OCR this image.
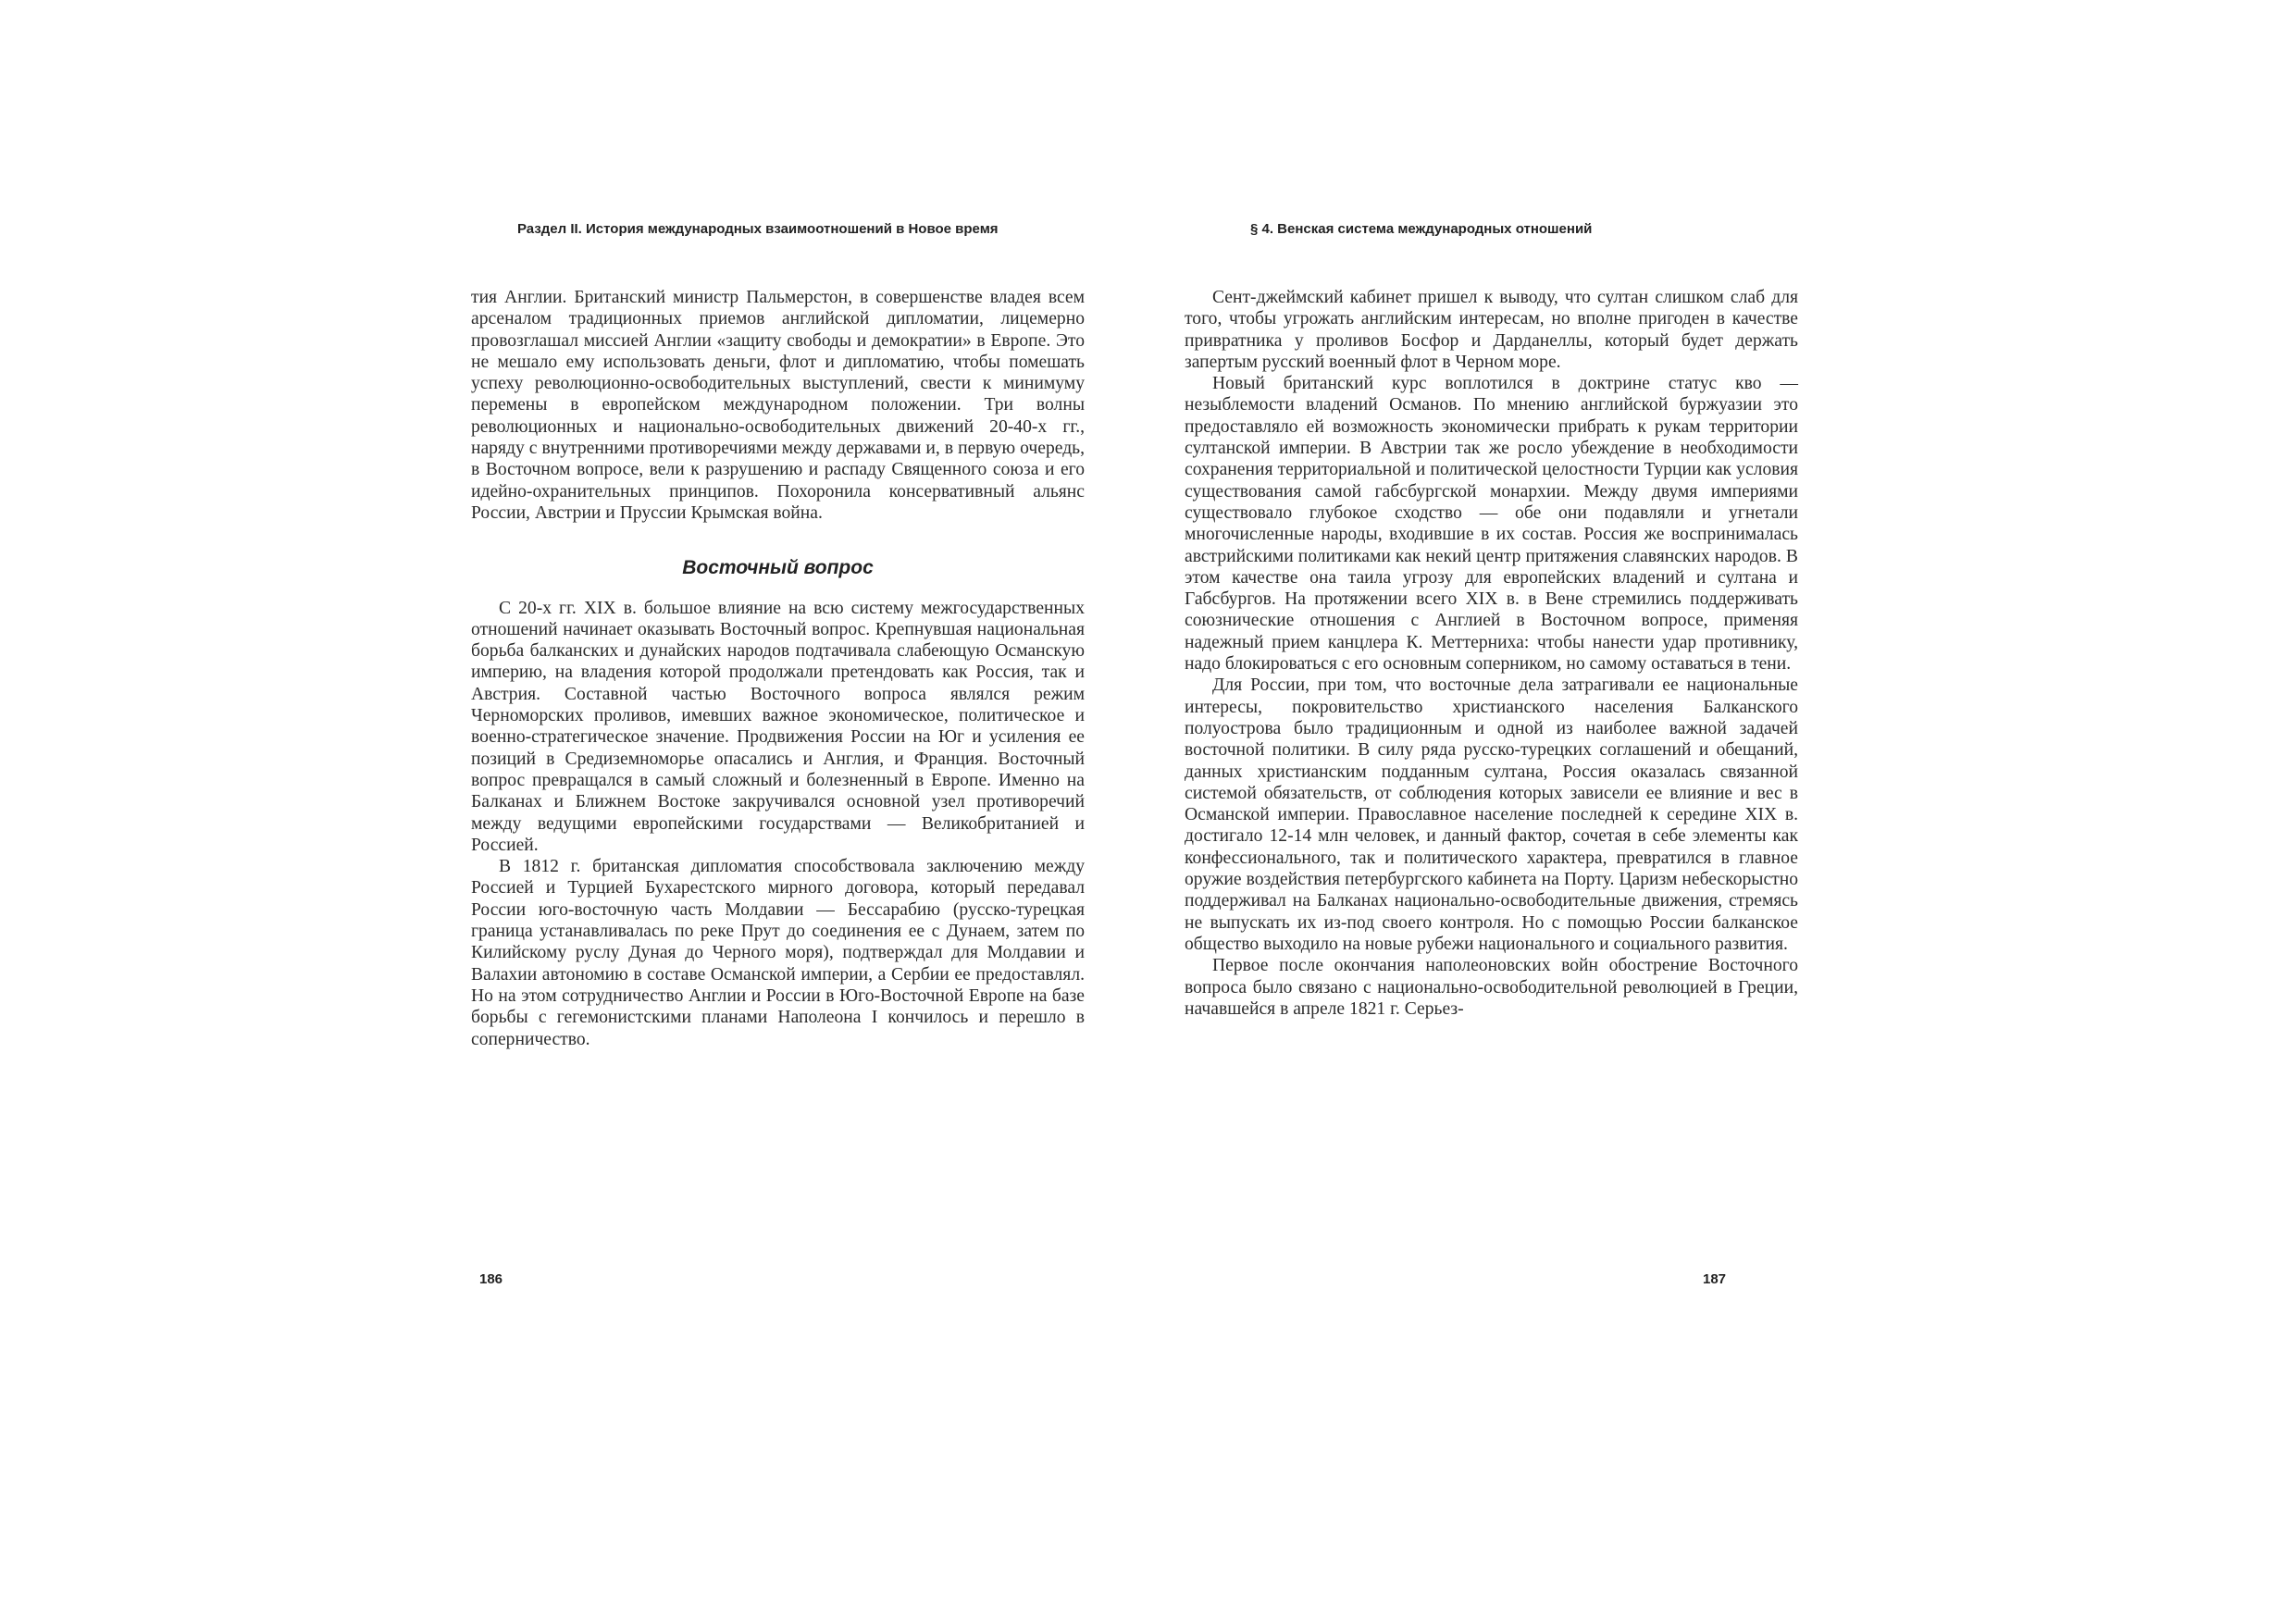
Раздел II. История международных взаимоотношений в Новое время

тия Англии. Британский министр Пальмерстон, в совершенстве владея всем арсеналом традиционных приемов английской дипломатии, лицемерно провозглашал миссией Англии «защиту свободы и демократии» в Европе. Это не мешало ему использовать деньги, флот и дипломатию, чтобы помешать успеху революционно-освободительных выступлений, свести к минимуму перемены в европейском международном положении. Три волны революционных и национально-освободительных движений 20-40-х гг., наряду с внутренними противоречиями между державами и, в первую очередь, в Восточном вопросе, вели к разрушению и распаду Священного союза и его идейно-охранительных принципов. Похоронила консервативный альянс России, Австрии и Пруссии Крымская война.

Восточный вопрос

С 20-х гг. XIX в. большое влияние на всю систему межгосударственных отношений начинает оказывать Восточный вопрос. Крепнувшая национальная борьба балканских и дунайских народов подтачивала слабеющую Османскую империю, на владения которой продолжали претендовать как Россия, так и Австрия. Составной частью Восточного вопроса являлся режим Черноморских проливов, имевших важное экономическое, политическое и военно-стратегическое значение. Продвижения России на Юг и усиления ее позиций в Средиземноморье опасались и Англия, и Франция. Восточный вопрос превращался в самый сложный и болезненный в Европе. Именно на Балканах и Ближнем Востоке закручивался основной узел противоречий между ведущими европейскими государствами — Великобританией и Россией.

В 1812 г. британская дипломатия способствовала заключению между Россией и Турцией Бухарестского мирного договора, который передавал России юго-восточную часть Молдавии — Бессарабию (русско-турецкая граница устанавливалась по реке Прут до соединения ее с Дунаем, затем по Килийскому руслу Дуная до Черного моря), подтверждал для Молдавии и Валахии автономию в составе Османской империи, а Сербии ее предоставлял. Но на этом сотрудничество Англии и России в Юго-Восточной Европе на базе борьбы с гегемонистскими планами Наполеона I кончилось и перешло в соперничество.

186
§ 4. Венская система международных отношений

Сент-джеймский кабинет пришел к выводу, что султан слишком слаб для того, чтобы угрожать английским интересам, но вполне пригоден в качестве привратника у проливов Босфор и Дарданеллы, который будет держать запертым русский военный флот в Черном море.

Новый британский курс воплотился в доктрине статус кво — незыблемости владений Османов. По мнению английской буржуазии это предоставляло ей возможность экономически прибрать к рукам территории султанской империи. В Австрии так же росло убеждение в необходимости сохранения территориальной и политической целостности Турции как условия существования самой габсбургской монархии. Между двумя империями существовало глубокое сходство — обе они подавляли и угнетали многочисленные народы, входившие в их состав. Россия же воспринималась австрийскими политиками как некий центр притяжения славянских народов. В этом качестве она таила угрозу для европейских владений и султана и Габсбургов. На протяжении всего XIX в. в Вене стремились поддерживать союзнические отношения с Англией в Восточном вопросе, применяя надежный прием канцлера К. Меттерниха: чтобы нанести удар противнику, надо блокироваться с его основным соперником, но самому оставаться в тени.

Для России, при том, что восточные дела затрагивали ее национальные интересы, покровительство христианского населения Балканского полуострова было традиционным и одной из наиболее важной задачей восточной политики. В силу ряда русско-турецких соглашений и обещаний, данных христианским подданным султана, Россия оказалась связанной системой обязательств, от соблюдения которых зависели ее влияние и вес в Османской империи. Православное население последней к середине XIX в. достигало 12-14 млн человек, и данный фактор, сочетая в себе элементы как конфессионального, так и политического характера, превратился в главное оружие воздействия петербургского кабинета на Порту. Царизм небескорыстно поддерживал на Балканах национально-освободительные движения, стремясь не выпускать их из-под своего контроля. Но с помощью России балканское общество выходило на новые рубежи национального и социального развития.

Первое после окончания наполеоновских войн обострение Восточного вопроса было связано с национально-освободительной революцией в Греции, начавшейся в апреле 1821 г. Серьез-

187
